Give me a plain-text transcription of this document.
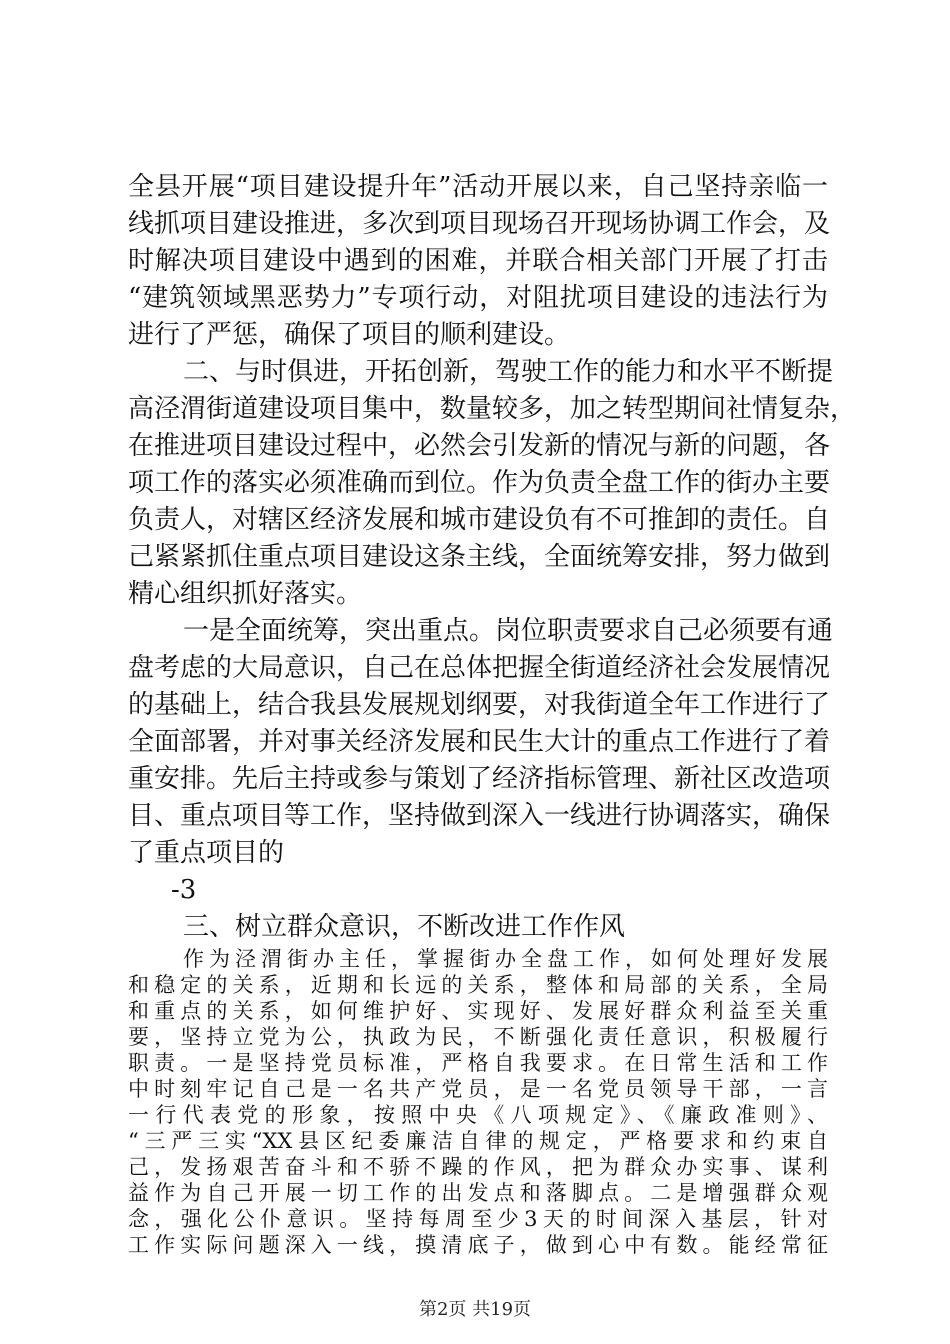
全县开展“项目建设提升年”活动开展以来，自己坚持亲临一
线抓项目建设推进，多次到项目现场召开现场协调工作会，及
时解决项目建设中遇到的困难，并联合相关部门开展了打击
“建筑领域黑恶势力”专项行动，对阻扰项目建设的违法行为
进行了严惩，确保了项目的顺利建设。
二、与时俱进，开拓创新，驾驶工作的能力和水平不断提
高泾渭街道建设项目集中，数量较多，加之转型期间社情复杂，
在推进项目建设过程中，必然会引发新的情况与新的问题，各
项工作的落实必须准确而到位。作为负责全盘工作的街办主要
负责人，对辖区经济发展和城市建设负有不可推卸的责任。自
己紧紧抓住重点项目建设这条主线，全面统筹安排，努力做到
精心组织抓好落实。
一是全面统筹，突出重点。岗位职责要求自己必须要有通
盘考虑的大局意识，自己在总体把握全街道经济社会发展情况
的基础上，结合我县发展规划纲要，对我街道全年工作进行了
全面部署，并对事关经济发展和民生大计的重点工作进行了着
重安排。先后主持或参与策划了经济指标管理、新社区改造项
目、重点项目等工作，坚持做到深入一线进行协调落实，确保
了重点项目的
-3
三、树立群众意识，不断改进工作作风
作为泾渭街办主任，掌握街办全盘工作，如何处理好发展
和稳定的关系，近期和长远的关系，整体和局部的关系，全局
和重点的关系，如何维护好、实现好、发展好群众利益至关重
要，坚持立党为公，执政为民，不断强化责任意识，积极履行
职责。一是坚持党员标准，严格自我要求。在日常生活和工作
中时刻牢记自己是一名共产党员，是一名党员领导干部，一言
一行代表党的形象，按照中央《八项规定》、《廉政准则》、
“三严三实“XX县区纪委廉洁自律的规定，严格要求和约束自
第2页 共19页
己，发扬艰苦奋斗和不骄不躁的作风，把为群众办实事、谋利
益作为自己开展一切工作的出发点和落脚点。二是增强群众观
念，强化公仆意识。坚持每周至少3天的时间深入基层，针对
工作实际问题深入一线，摸清底子，做到心中有数。能经常征
